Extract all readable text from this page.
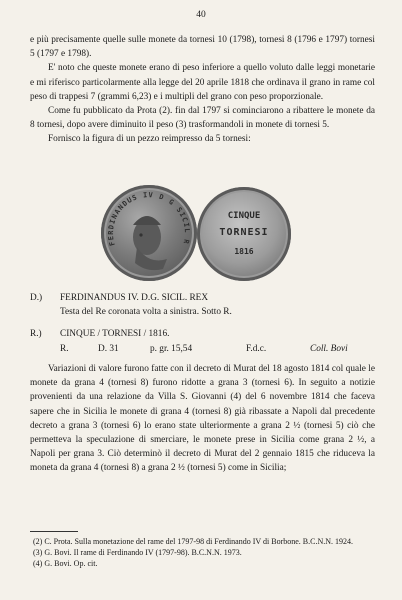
40

e più precisamente quelle sulle monete da tornesi 10 (1798), tornesi 8 (1796 e 1797) tornesi 5 (1797 e 1798).

E' noto che queste monete erano di peso inferiore a quello voluto dalle leggi monetarie e mi riferisco particolarmente alla legge del 20 aprile 1818 che ordinava il grano in rame col peso di trappesi 7 (grammi 6,23) e i multipli del grano con peso proporzionale.

Come fu pubblicato da Prota (2). fin dal 1797 si cominciarono a ribattere le monete da 8 tornesi, dopo avere diminuito il peso (3) trasformandoli in monete di tornesi 5.

Fornisco la figura di un pezzo reimpresso da 5 tornesi:

FERDINANDUS IV D G SICIL R
CINQUE
TORNESI
1816
D.)	FERDINANDUS IV. D.G. SICIL. REX
Testa del Re coronata volta a sinistra. Sotto R.
R.)	CINQUE / TORNESI / 1816.
R.	D. 31	p. gr. 15,54	F.d.c.	Coll. Bovi

Variazioni di valore furono fatte con il decreto di Murat del 18 agosto 1814 col quale le monete da grana 4 (tornesi 8) furono ridotte a grana 3 (tornesi 6). In seguito a notizie provenienti da una relazione da Villa S. Giovanni (4) del 6 novembre 1814 che faceva sapere che in Sicilia le monete di grana 4 (tornesi 8) già ribassate a Napoli dal precedente decreto a grana 3 (tornesi 6) lo erano state ulteriormente a grana 2 ½ (tornesi 5) ciò che permetteva la speculazione di smerciare, le monete prese in Sicilia come grana 2 ½, a Napoli per grana 3. Ciò determinò il decreto di Murat del 2 gennaio 1815 che riduceva la moneta da grana 4 (tornesi 8) a grana 2 ½ (tornesi 5) come in Sicilia;

(2) C. Prota. Sulla monetazione del rame del 1797-98 di Ferdinando IV di Borbone. B.C.N.N. 1924.
(3) G. Bovi. Il rame di Ferdinando IV (1797-98). B.C.N.N. 1973.
(4) G. Bovi. Op. cit.
